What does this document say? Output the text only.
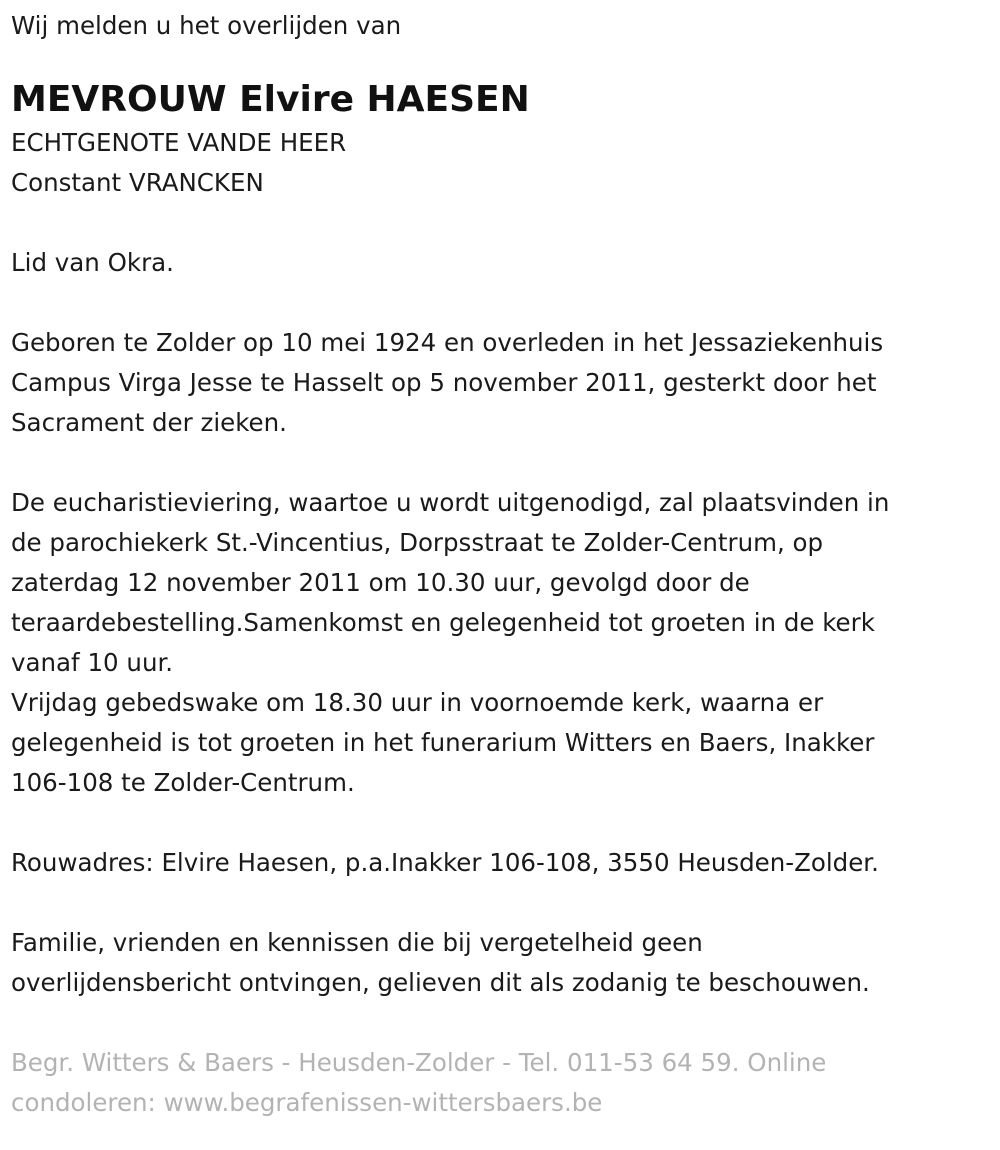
Wij melden u het overlijden van

MEVROUW Elvire HAESEN

ECHTGENOTE VANDE HEER

Constant VRANCKEN

Lid van Okra.

Geboren te Zolder op 10 mei 1924 en overleden in het Jessaziekenhuis

Campus Virga Jesse te Hasselt op 5 november 2011, gesterkt door het

Sacrament der zieken.

De eucharistieviering, waartoe u wordt uitgenodigd, zal plaatsvinden in

de parochiekerk St.-Vincentius, Dorpsstraat te Zolder-Centrum, op

zaterdag 12 november 2011 om 10.30 uur, gevolgd door de

teraardebestelling.Samenkomst en gelegenheid tot groeten in de kerk

vanaf 10 uur.

Vrijdag gebedswake om 18.30 uur in voornoemde kerk, waarna er

gelegenheid is tot groeten in het funerarium Witters en Baers, Inakker

106-108 te Zolder-Centrum.

Rouwadres: Elvire Haesen, p.a.Inakker 106-108, 3550 Heusden-Zolder.

Familie, vrienden en kennissen die bij vergetelheid geen

overlijdensbericht ontvingen, gelieven dit als zodanig te beschouwen.

Begr. Witters & Baers - Heusden-Zolder - Tel. 011-53 64 59. Online

condoleren: www.begrafenissen-wittersbaers.be
